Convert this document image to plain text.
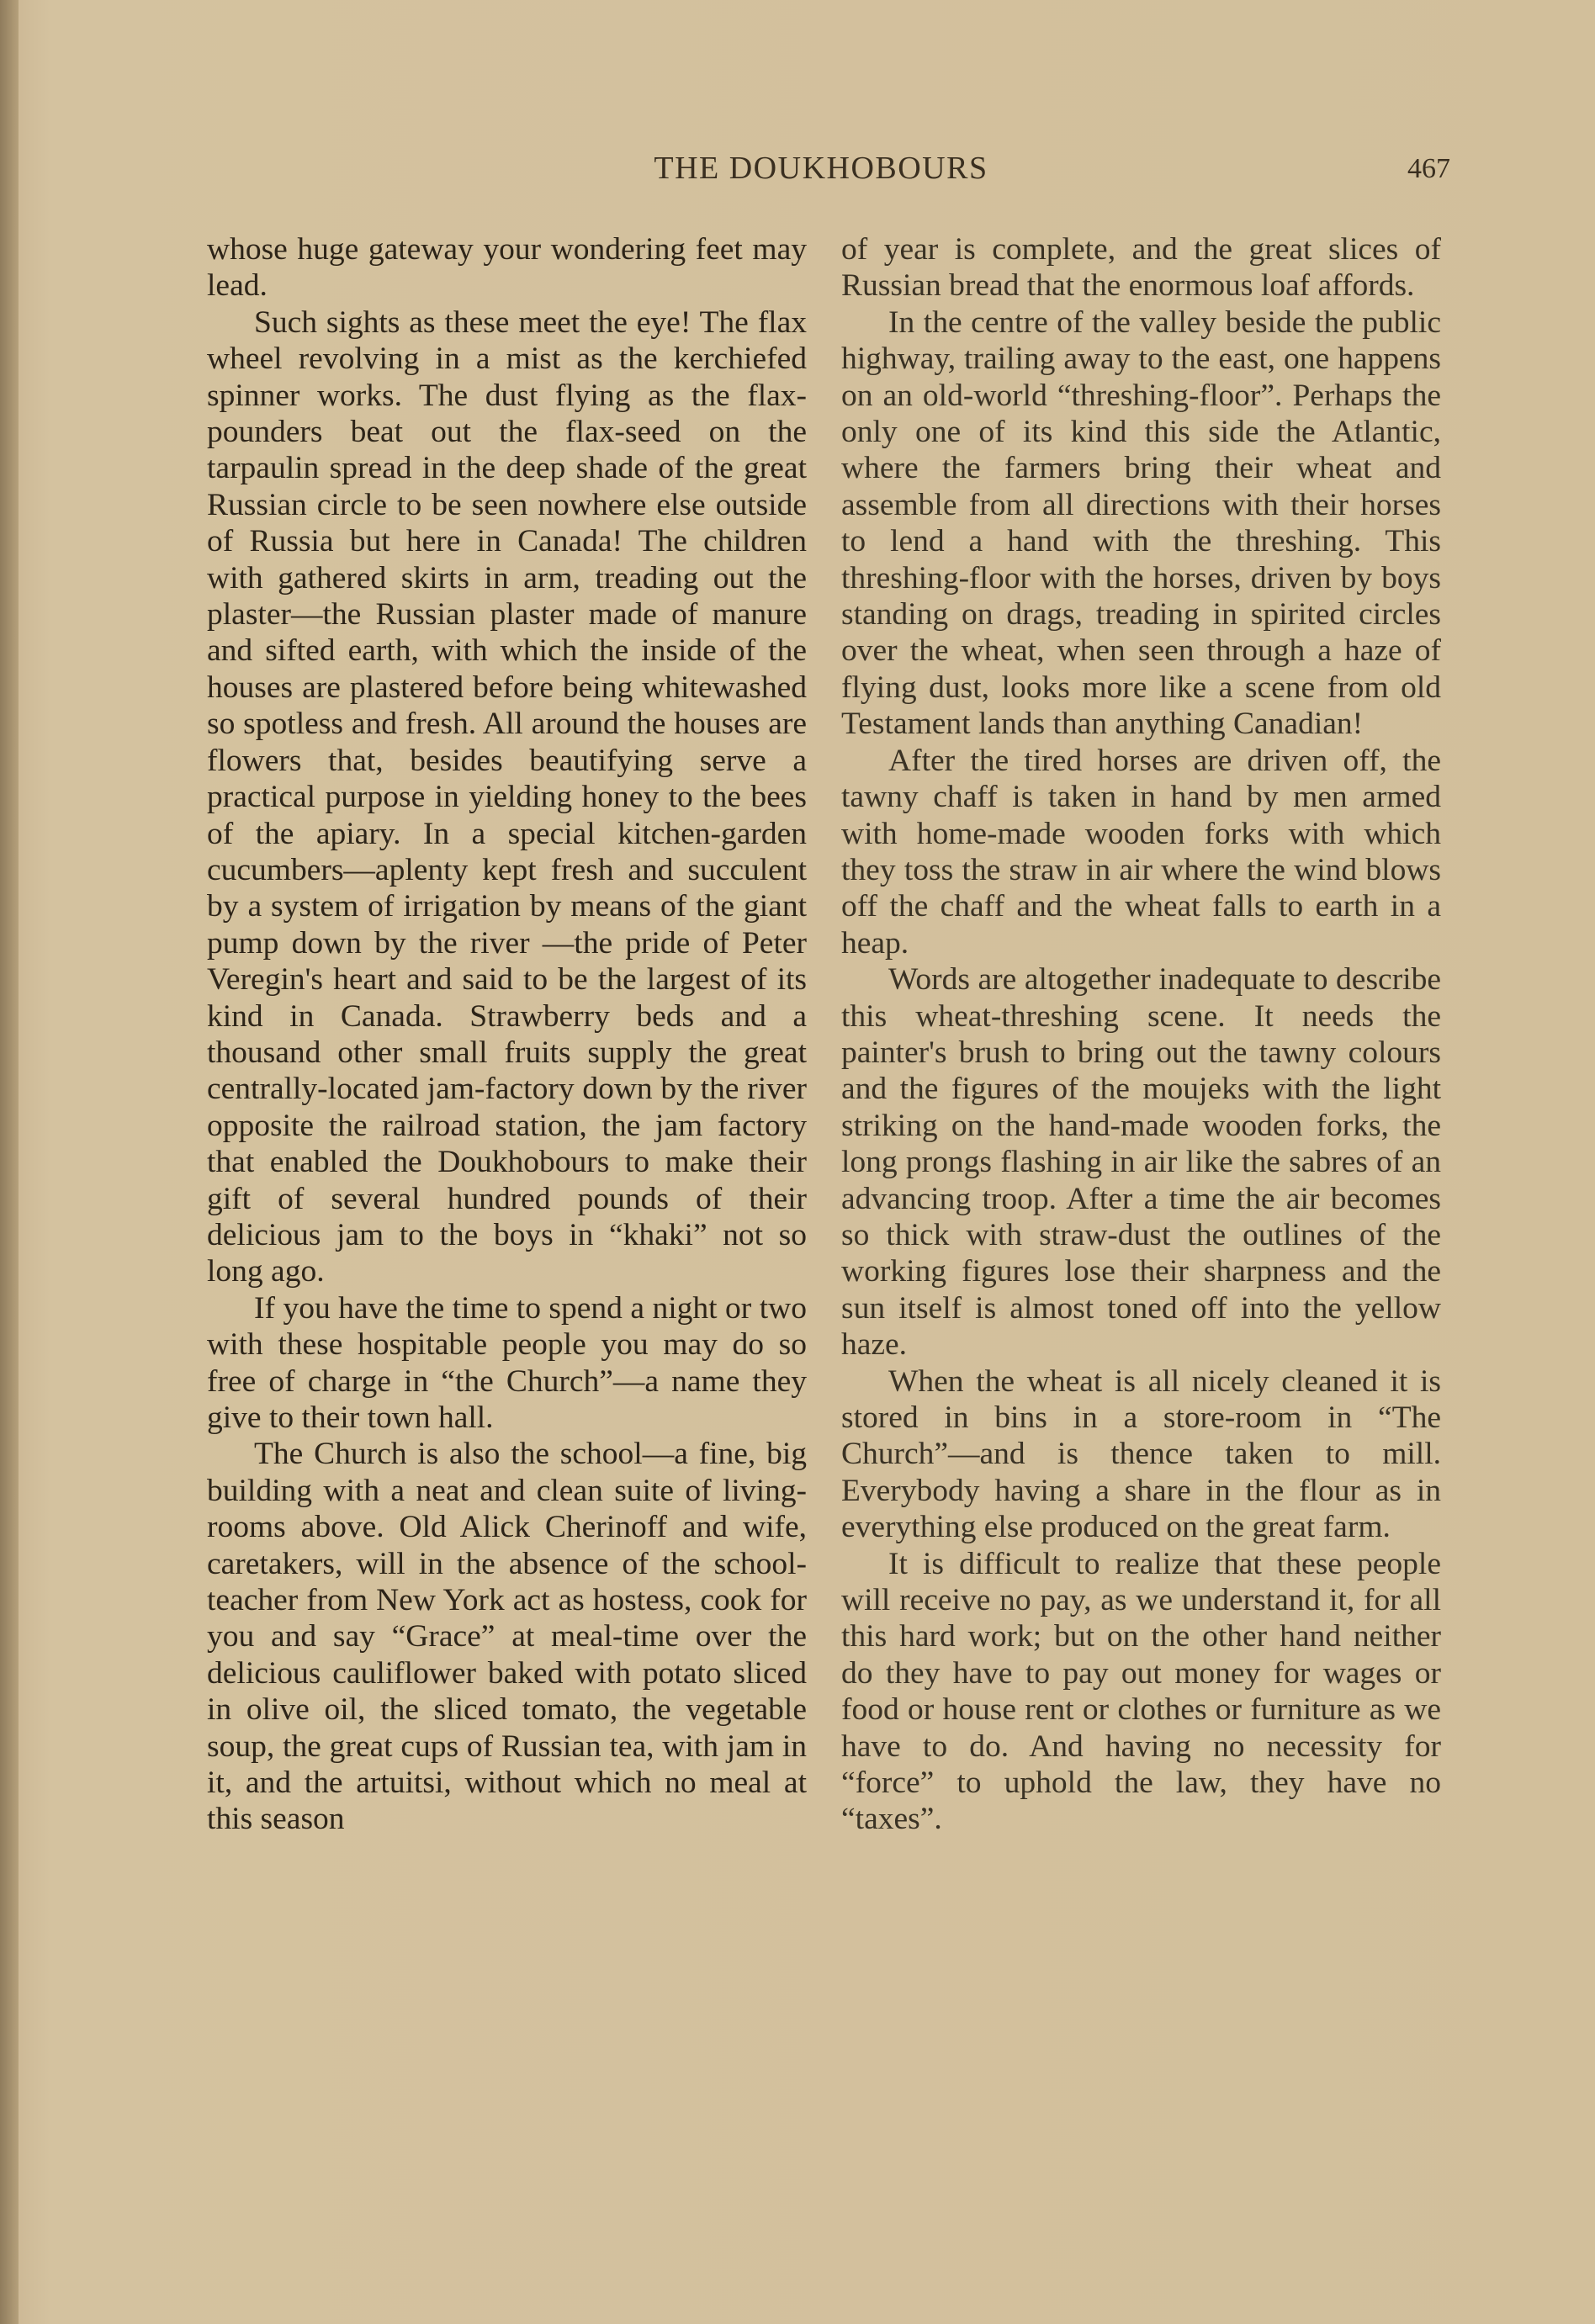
THE DOUKHOBOURS	467

whose huge gateway your wondering feet may lead.

Such sights as these meet the eye! The flax wheel revolving in a mist as the kerchiefed spinner works. The dust flying as the flax-pounders beat out the flax-seed on the tarpaulin spread in the deep shade of the great Russian circle to be seen nowhere else outside of Russia but here in Canada! The children with gathered skirts in arm, treading out the plaster—the Russian plaster made of manure and sifted earth, with which the inside of the houses are plastered before being whitewashed so spotless and fresh. All around the houses are flowers that, besides beautifying serve a practical purpose in yielding honey to the bees of the apiary. In a special kitchen-garden cucumbers—aplenty kept fresh and succulent by a system of irrigation by means of the giant pump down by the river —the pride of Peter Veregin's heart and said to be the largest of its kind in Canada. Strawberry beds and a thousand other small fruits supply the great centrally-located jam-factory down by the river opposite the railroad station, the jam factory that enabled the Doukhobours to make their gift of several hundred pounds of their delicious jam to the boys in “khaki” not so long ago.

If you have the time to spend a night or two with these hospitable people you may do so free of charge in “the Church”—a name they give to their town hall.

The Church is also the school—a fine, big building with a neat and clean suite of living-rooms above. Old Alick Cherinoff and wife, caretakers, will in the absence of the school-teacher from New York act as hostess, cook for you and say “Grace” at meal-time over the delicious cauliflower baked with potato sliced in olive oil, the sliced tomato, the vegetable soup, the great cups of Russian tea, with jam in it, and the artuitsi, without which no meal at this season

of year is complete, and the great slices of Russian bread that the enormous loaf affords.

In the centre of the valley beside the public highway, trailing away to the east, one happens on an old-world “threshing-floor”. Perhaps the only one of its kind this side the Atlantic, where the farmers bring their wheat and assemble from all directions with their horses to lend a hand with the threshing. This threshing-floor with the horses, driven by boys standing on drags, treading in spirited circles over the wheat, when seen through a haze of flying dust, looks more like a scene from old Testament lands than anything Canadian!

After the tired horses are driven off, the tawny chaff is taken in hand by men armed with home-made wooden forks with which they toss the straw in air where the wind blows off the chaff and the wheat falls to earth in a heap.

Words are altogether inadequate to describe this wheat-threshing scene. It needs the painter's brush to bring out the tawny colours and the figures of the moujeks with the light striking on the hand-made wooden forks, the long prongs flashing in air like the sabres of an advancing troop. After a time the air becomes so thick with straw-dust the outlines of the working figures lose their sharpness and the sun itself is almost toned off into the yellow haze.

When the wheat is all nicely cleaned it is stored in bins in a store-room in “The Church”—and is thence taken to mill. Everybody having a share in the flour as in everything else produced on the great farm.

It is difficult to realize that these people will receive no pay, as we understand it, for all this hard work; but on the other hand neither do they have to pay out money for wages or food or house rent or clothes or furniture as we have to do. And having no necessity for “force” to uphold the law, they have no “taxes”.
